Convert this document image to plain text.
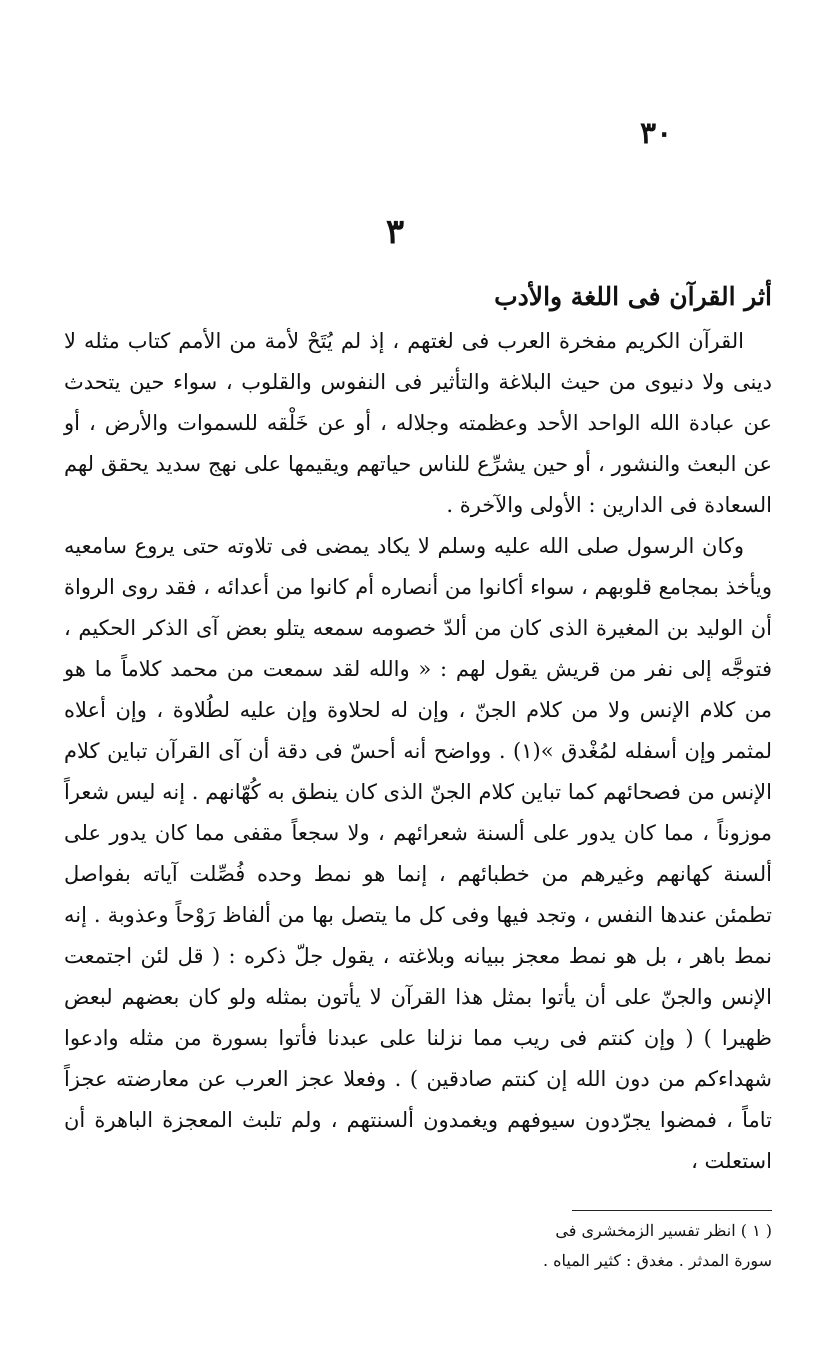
٣٠
٣
أثر القرآن فى اللغة والأدب

القرآن الكريم مفخرة العرب فى لغتهم ، إذ لم يُتَحْ لأمة من الأمم كتاب مثله لا دينى ولا دنيوى من حيث البلاغة والتأثير فى النفوس والقلوب ، سواء حين يتحدث عن عبادة الله الواحد الأحد وعظمته وجلاله ، أو عن خَلْقه للسموات والأرض ، أو عن البعث والنشور ، أو حين يشرِّع للناس حياتهم ويقيمها على نهج سديد يحقق لهم السعادة فى الدارين : الأولى والآخرة .

وكان الرسول صلى الله عليه وسلم لا يكاد يمضى فى تلاوته حتى يروع سامعيه ويأخذ بمجامع قلوبهم ، سواء أكانوا من أنصاره أم كانوا من أعدائه ، فقد روى الرواة أن الوليد بن المغيرة الذى كان من ألدّ خصومه سمعه يتلو بعض آى الذكر الحكيم ، فتوجَّه إلى نفر من قريش يقول لهم : « والله لقد سمعت من محمد كلاماً ما هو من كلام الإنس ولا من كلام الجنّ ، وإن له لحلاوة وإن عليه لطُلاوة ، وإن أعلاه لمثمر وإن أسفله لمُغْدق »(١) . وواضح أنه أحسّ فى دقة أن آى القرآن تباين كلام الإنس من فصحائهم كما تباين كلام الجنّ الذى كان ينطق به كُهّانهم . إنه ليس شعراً موزوناً ، مما كان يدور على ألسنة شعرائهم ، ولا سجعاً مقفى مما كان يدور على ألسنة كهانهم وغيرهم من خطبائهم ، إنما هو نمط وحده فُصِّلت آياته بفواصل تطمئن عندها النفس ، وتجد فيها وفى كل ما يتصل بها من ألفاظ رَوْحاً وعذوبة . إنه نمط باهر ، بل هو نمط معجز ببيانه وبلاغته ، يقول جلّ ذكره : ( قل لئن اجتمعت الإنس والجنّ على أن يأتوا بمثل هذا القرآن لا يأتون بمثله ولو كان بعضهم لبعض ظهيرا ) ( وإن كنتم فى ريب مما نزلنا على عبدنا فأتوا بسورة من مثله وادعوا شهداءكم من دون الله إن كنتم صادقين ) . وفعلا عجز العرب عن معارضته عجزاً تاماً ، فمضوا يجرّدون سيوفهم ويغمدون ألسنتهم ، ولم تلبث المعجزة الباهرة أن استعلت ،

( ١ ) انظر تفسير الزمخشرى فى
سورة المدثر . مغدق : كثير المياه .
